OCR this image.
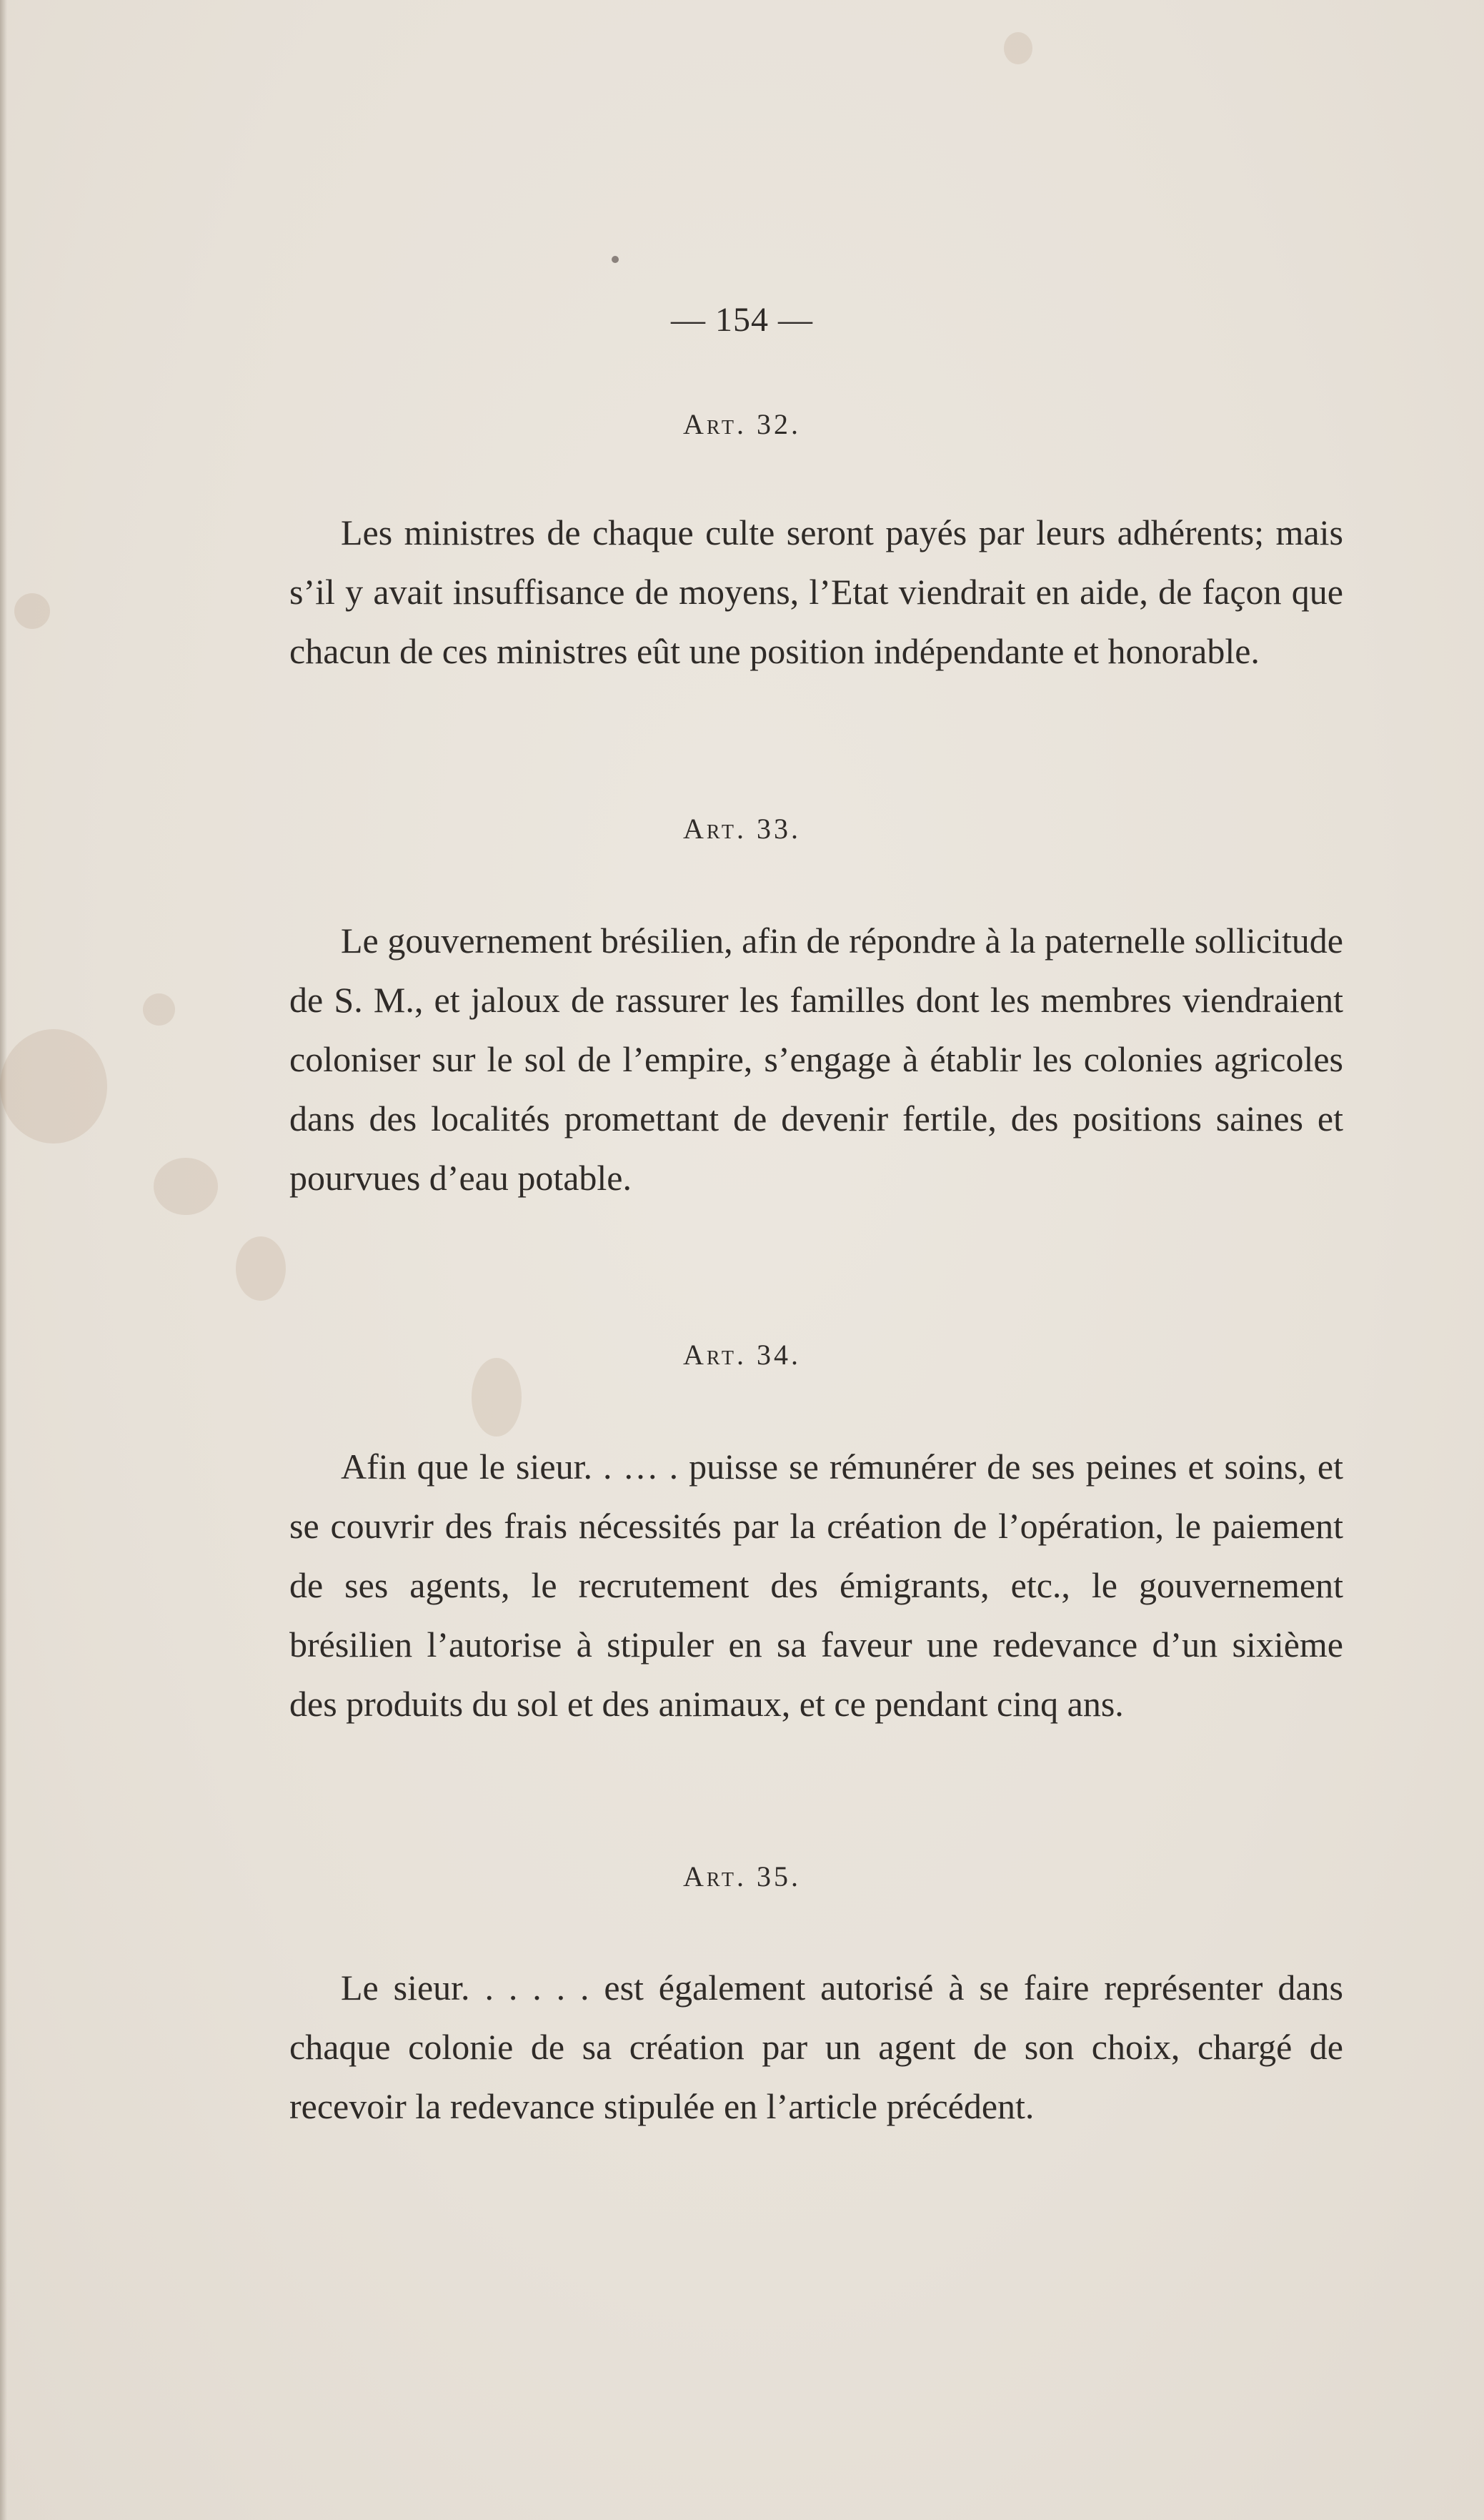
— 154 —
Art. 32.

Les ministres de chaque culte seront payés par leurs adhérents; mais s’il y avait insuffisance de moyens, l’Etat viendrait en aide, de façon que chacun de ces ministres eût une position indépendante et honorable.

Art. 33.

Le gouvernement brésilien, afin de répondre à la paternelle sollicitude de S. M., et jaloux de rassurer les familles dont les membres viendraient coloniser sur le sol de l’empire, s’engage à établir les colonies agricoles dans des localités promettant de devenir fertile, des positions saines et pourvues d’eau potable.

Art. 34.

Afin que le sieur. . … . puisse se rémunérer de ses peines et soins, et se couvrir des frais nécessités par la création de l’opération, le paiement de ses agents, le recrutement des émigrants, etc., le gouvernement brésilien l’autorise à stipuler en sa faveur une redevance d’un sixième des produits du sol et des animaux, et ce pendant cinq ans.

Art. 35.

Le sieur. . . . . . est également autorisé à se faire représenter dans chaque colonie de sa création par un agent de son choix, chargé de recevoir la redevance stipulée en l’article précédent.
